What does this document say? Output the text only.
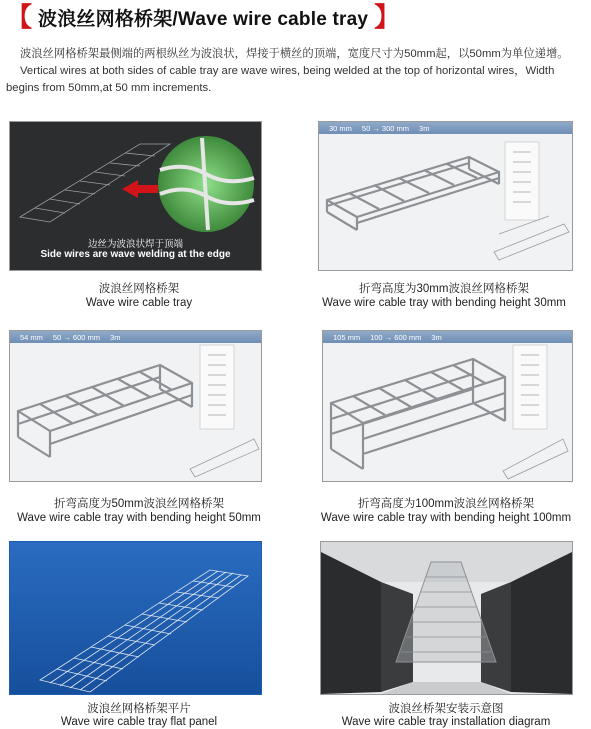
【 波浪丝网格桥架/Wave wire cable tray 】

波浪丝网格桥架最侧端的两根纵丝为波浪状，焊接于横丝的顶端，宽度尺寸为50mm起，以50mm为单位递增。

Vertical wires at both sides of cable tray are wave wires, being welded at the top of horizontal wires，Width begins from 50mm,at 50 mm increments.

边丝为波浪状焊于顶端
Side wires are wave welding at the edge
波浪丝网格桥架
Wave wire cable tray
30 mm 50 → 300 mm 3m
折弯高度为30mm波浪丝网格桥架
Wave wire cable tray with bending height 30mm
54 mm 50 → 600 mm 3m
折弯高度为50mm波浪丝网格桥架
Wave wire cable tray with bending height 50mm
105 mm 100 → 600 mm 3m
折弯高度为100mm波浪丝网格桥架
Wave wire cable tray with bending height 100mm
波浪丝网格桥架平片
Wave wire cable tray flat panel
波浪丝桥架安装示意图
Wave wire cable tray installation diagram
